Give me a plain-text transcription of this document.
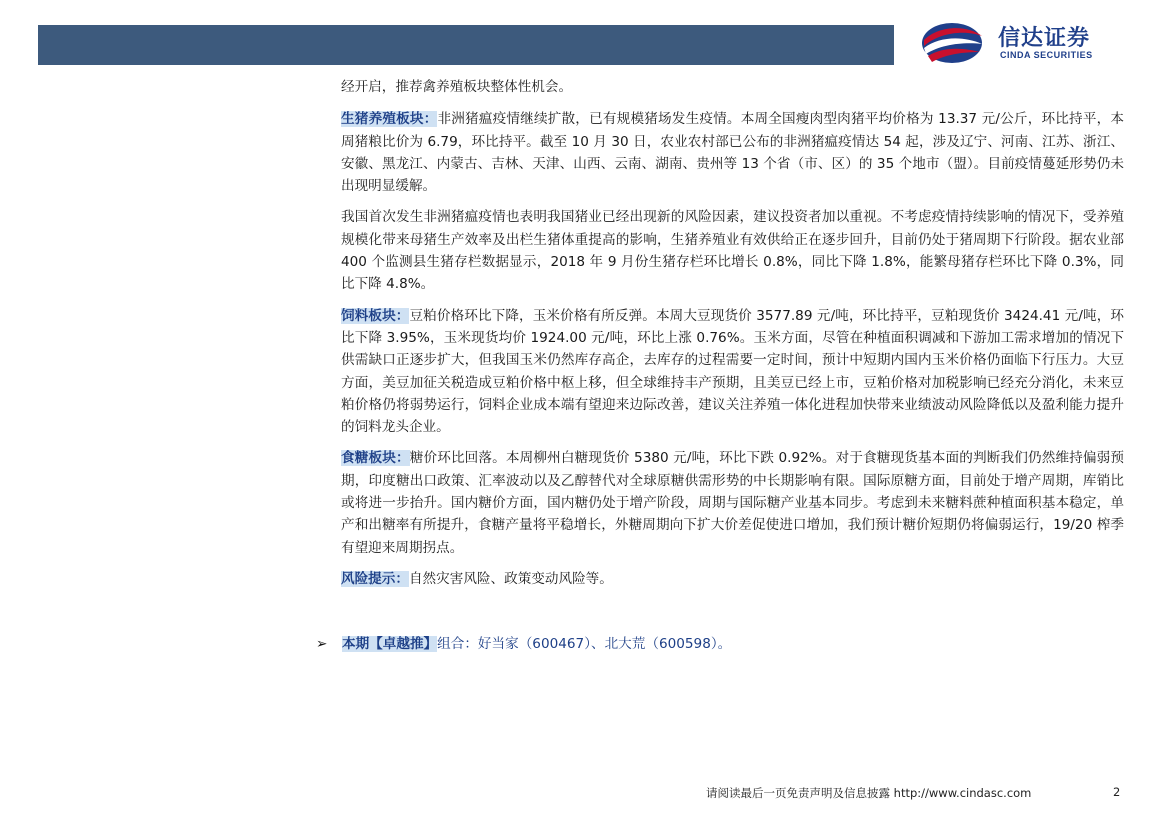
信达证券
CINDA SECURITIES

经开启，推荐禽养殖板块整体性机会。

生猪养殖板块：非洲猪瘟疫情继续扩散，已有规模猪场发生疫情。本周全国瘦肉型肉猪平均价格为 13.37 元/公斤，环比持平，本周猪粮比价为 6.79，环比持平。截至 10 月 30 日，农业农村部已公布的非洲猪瘟疫情达 54 起，涉及辽宁、河南、江苏、浙江、安徽、黑龙江、内蒙古、吉林、天津、山西、云南、湖南、贵州等 13 个省（市、区）的 35 个地市（盟）。目前疫情蔓延形势仍未出现明显缓解。

我国首次发生非洲猪瘟疫情也表明我国猪业已经出现新的风险因素，建议投资者加以重视。不考虑疫情持续影响的情况下，受养殖规模化带来母猪生产效率及出栏生猪体重提高的影响，生猪养殖业有效供给正在逐步回升，目前仍处于猪周期下行阶段。据农业部 400 个监测县生猪存栏数据显示，2018 年 9 月份生猪存栏环比增长 0.8%，同比下降 1.8%，能繁母猪存栏环比下降 0.3%，同比下降 4.8%。

饲料板块：豆粕价格环比下降，玉米价格有所反弹。本周大豆现货价 3577.89 元/吨，环比持平，豆粕现货价 3424.41 元/吨，环比下降 3.95%，玉米现货均价 1924.00 元/吨，环比上涨 0.76%。玉米方面，尽管在种植面积调减和下游加工需求增加的情况下供需缺口正逐步扩大，但我国玉米仍然库存高企，去库存的过程需要一定时间，预计中短期内国内玉米价格仍面临下行压力。大豆方面，美豆加征关税造成豆粕价格中枢上移，但全球维持丰产预期，且美豆已经上市，豆粕价格对加税影响已经充分消化，未来豆粕价格仍将弱势运行，饲料企业成本端有望迎来边际改善，建议关注养殖一体化进程加快带来业绩波动风险降低以及盈利能力提升的饲料龙头企业。

食糖板块：糖价环比回落。本周柳州白糖现货价 5380 元/吨，环比下跌 0.92%。对于食糖现货基本面的判断我们仍然维持偏弱预期，印度糖出口政策、汇率波动以及乙醇替代对全球原糖供需形势的中长期影响有限。国际原糖方面，目前处于增产周期，库销比或将进一步抬升。国内糖价方面，国内糖仍处于增产阶段，周期与国际糖产业基本同步。考虑到未来糖料蔗种植面积基本稳定，单产和出糖率有所提升，食糖产量将平稳增长，外糖周期向下扩大价差促使进口增加，我们预计糖价短期仍将偏弱运行，19/20 榨季有望迎来周期拐点。

风险提示：自然灾害风险、政策变动风险等。

➢ 本期【卓越推】组合：好当家（600467）、北大荒（600598）。
请阅读最后一页免责声明及信息披露 http://www.cindasc.com	2
